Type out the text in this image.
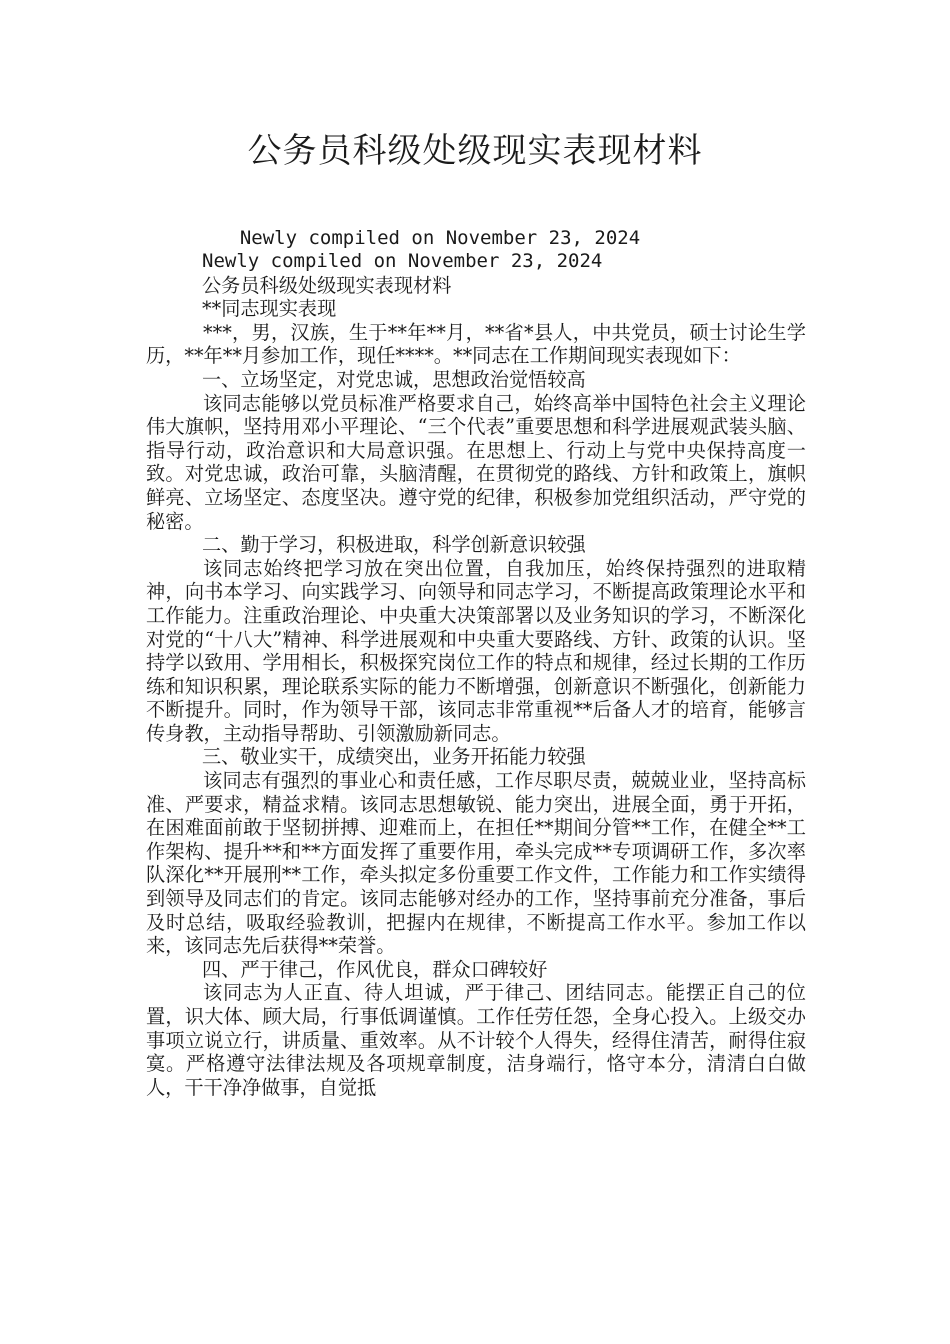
公务员科级处级现实表现材料
Newly compiled on November 23, 2024

Newly compiled on November 23, 2024

公务员科级处级现实表现材料

**同志现实表现

***，男，汉族，生于**年**月，**省*县人，中共党员，硕士讨论生学历，**年**月参加工作，现任****。**同志在工作期间现实表现如下：

一、立场坚定，对党忠诚，思想政治觉悟较高

该同志能够以党员标准严格要求自己，始终高举中国特色社会主义理论伟大旗帜，坚持用邓小平理论、“三个代表”重要思想和科学进展观武装头脑、指导行动，政治意识和大局意识强。在思想上、行动上与党中央保持高度一致。对党忠诚，政治可靠，头脑清醒，在贯彻党的路线、方针和政策上，旗帜鲜亮、立场坚定、态度坚决。遵守党的纪律，积极参加党组织活动，严守党的秘密。

二、勤于学习，积极进取，科学创新意识较强

该同志始终把学习放在突出位置，自我加压，始终保持强烈的进取精神，向书本学习、向实践学习、向领导和同志学习，不断提高政策理论水平和工作能力。注重政治理论、中央重大决策部署以及业务知识的学习，不断深化对党的“十八大”精神、科学进展观和中央重大要路线、方针、政策的认识。坚持学以致用、学用相长，积极探究岗位工作的特点和规律，经过长期的工作历练和知识积累，理论联系实际的能力不断增强，创新意识不断强化，创新能力不断提升。同时，作为领导干部，该同志非常重视**后备人才的培育，能够言传身教，主动指导帮助、引领激励新同志。

三、敬业实干，成绩突出，业务开拓能力较强

该同志有强烈的事业心和责任感，工作尽职尽责，兢兢业业，坚持高标准、严要求，精益求精。该同志思想敏锐、能力突出，进展全面，勇于开拓，在困难面前敢于坚韧拼搏、迎难而上，在担任**期间分管**工作，在健全**工作架构、提升**和**方面发挥了重要作用，牵头完成**专项调研工作，多次率队深化**开展刑**工作，牵头拟定多份重要工作文件，工作能力和工作实绩得到领导及同志们的肯定。该同志能够对经办的工作，坚持事前充分准备，事后及时总结，吸取经验教训，把握内在规律，不断提高工作水平。参加工作以来，该同志先后获得**荣誉。

四、严于律己，作风优良，群众口碑较好

该同志为人正直、待人坦诚，严于律己、团结同志。能摆正自己的位置，识大体、顾大局，行事低调谨慎。工作任劳任怨，全身心投入。上级交办事项立说立行，讲质量、重效率。从不计较个人得失，经得住清苦，耐得住寂寞。严格遵守法律法规及各项规章制度，洁身端行，恪守本分，清清白白做人，干干净净做事，自觉抵
